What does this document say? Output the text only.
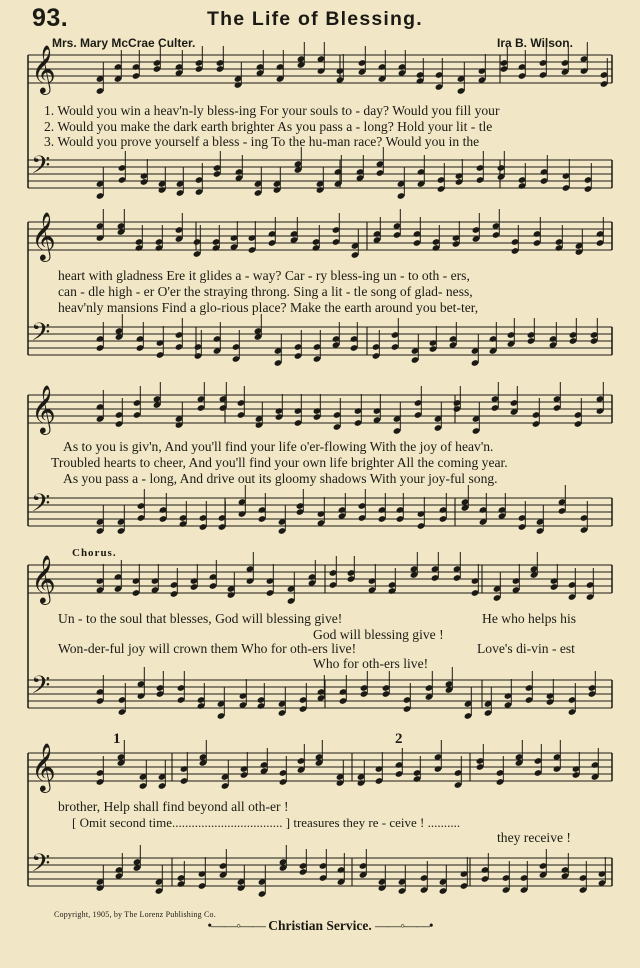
93.	The Life of Blessing.
Mrs. Mary McCrae Culter.	Ira B. Wilson.
𝄞
𝄢
𝄞
𝄢
𝄞
𝄢
𝄞
𝄢
𝄞
𝄢
1. Would you win a heav'n-ly bless-ing For your souls to - day? Would you fill your
2. Would you make the dark earth brighter As you pass a - long? Hold your lit - tle
3. Would you prove yourself a bless - ing To the hu-man race? Would you in the
heart with gladness Ere it glides a - way? Car - ry bless-ing un - to oth - ers,
can - dle high - er O'er the straying throng. Sing a lit - tle song of glad- ness,
heav'nly mansions Find a glo-rious place? Make the earth around you bet-ter,
As to you is giv'n, And you'll find your life o'er-flowing With the joy of heav'n.
Troubled hearts to cheer, And you'll find your own life brighter All the coming year.
As you pass a - long, And drive out its gloomy shadows With your joy-ful song.
Chorus.
Un - to the soul that blesses, God will blessing give!
God will blessing give !
He who helps his
Won-der-ful joy will crown them Who for oth-ers live!
Who for oth-ers live!
Love's di-vin - est
1	2
brother, Help shall find beyond all oth-er !
[ Omit second time.................................. ] treasures they re - ceive ! ..........
they receive !
Copyright, 1905, by The Lorenz Publishing Co.
•——◦—— Christian Service. ——◦——•
